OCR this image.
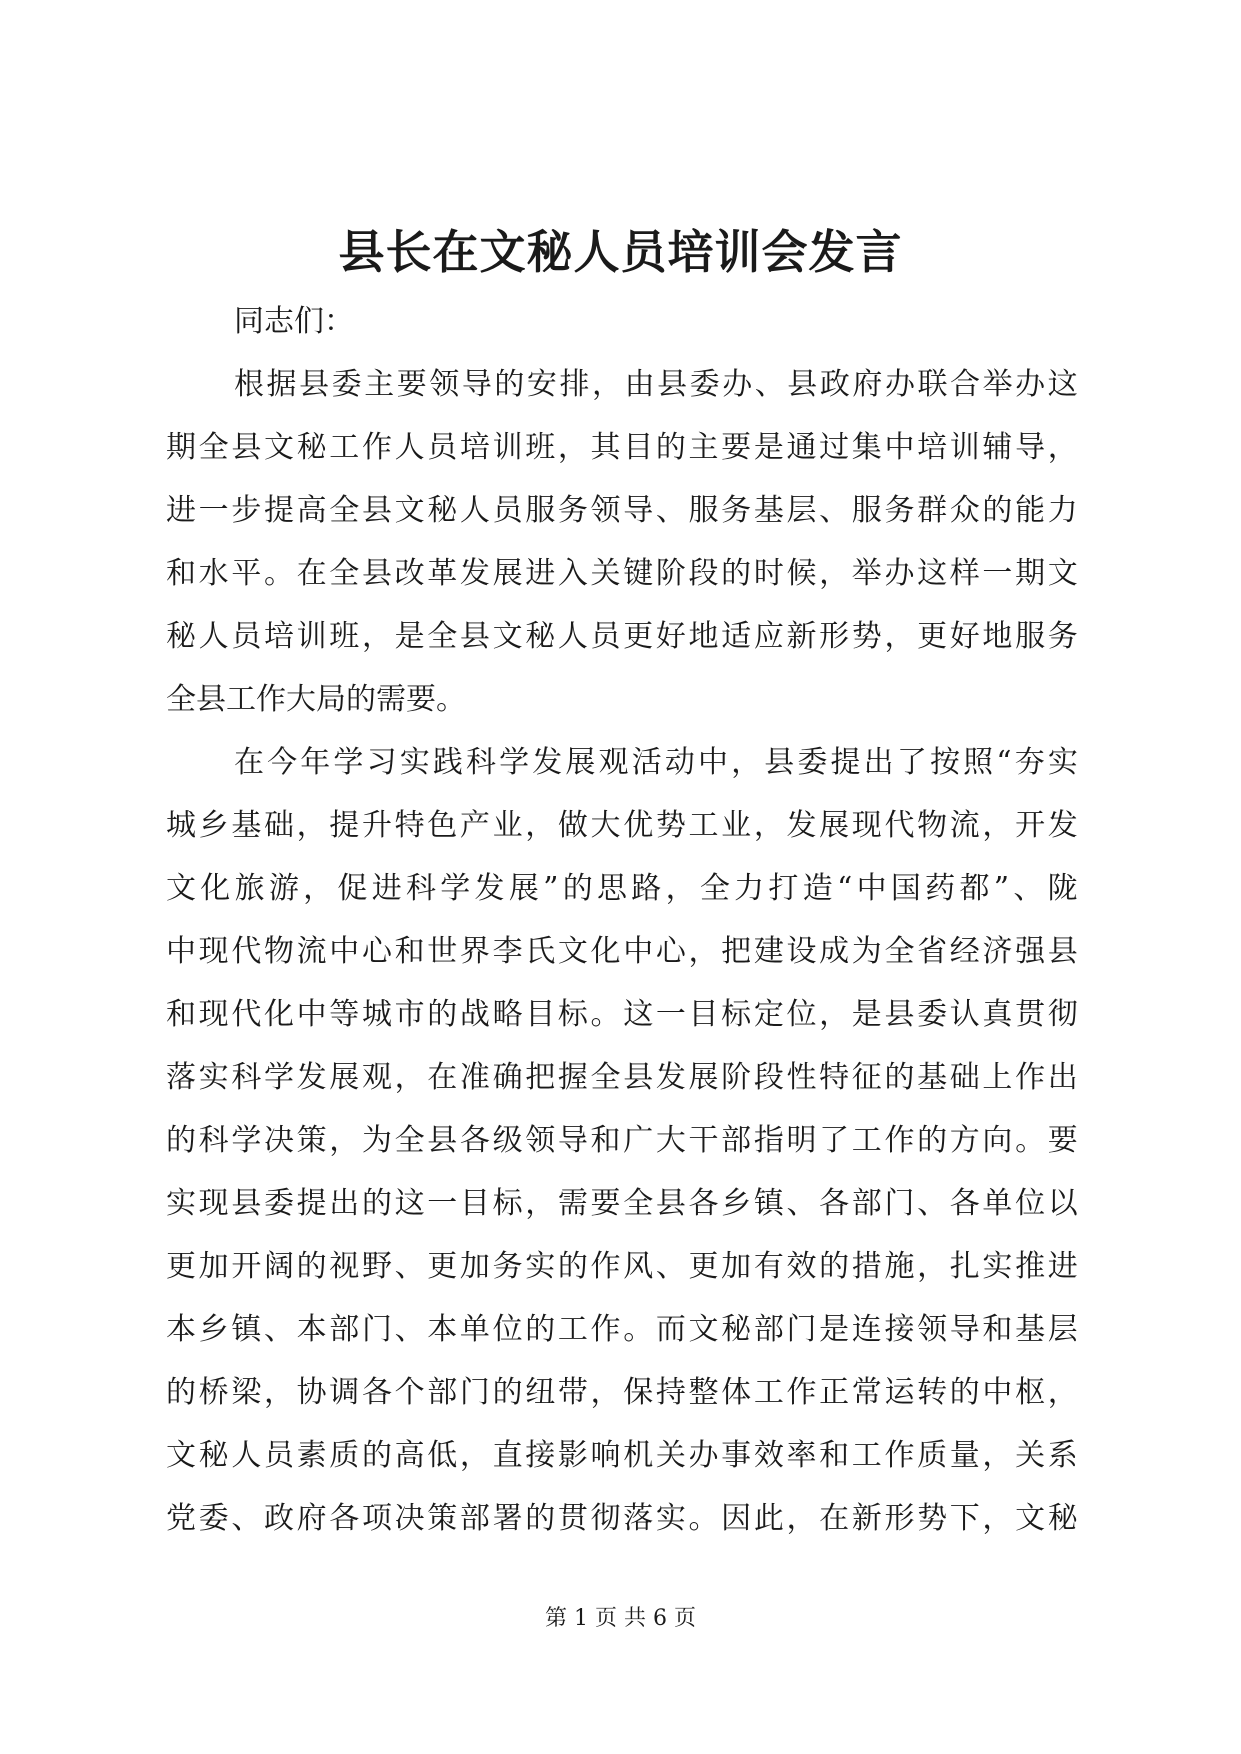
县长在文秘人员培训会发言
同志们：
根 据 县 委 主 要 领 导 的 安 排 ， 由 县 委 办 、 县 政 府 办 联 合 举 办 这
期 全 县 文 秘 工 作 人 员 培 训 班 ， 其 目 的 主 要 是 通 过 集 中 培 训 辅 导 ，
进 一 步 提 高 全 县 文 秘 人 员 服 务 领 导 、 服 务 基 层 、 服 务 群 众 的 能 力
和 水 平 。 在 全 县 改 革 发 展 进 入 关 键 阶 段 的 时 候 ， 举 办 这 样 一 期 文
秘 人 员 培 训 班 ， 是 全 县 文 秘 人 员 更 好 地 适 应 新 形 势 ， 更 好 地 服 务
全县工作大局的需要。
在 今 年 学 习 实 践 科 学 发 展 观 活 动 中 ， 县 委 提 出 了 按 照 “ 夯 实
城 乡 基 础 ， 提 升 特 色 产 业 ， 做 大 优 势 工 业 ， 发 展 现 代 物 流 ， 开 发
文 化 旅 游 ， 促 进 科 学 发 展 ” 的 思 路 ， 全 力 打 造 “ 中 国 药 都 ” 、 陇
中 现 代 物 流 中 心 和 世 界 李 氏 文 化 中 心 ， 把 建 设 成 为 全 省 经 济 强 县
和 现 代 化 中 等 城 市 的 战 略 目 标 。 这 一 目 标 定 位 ， 是 县 委 认 真 贯 彻
落 实 科 学 发 展 观 ， 在 准 确 把 握 全 县 发 展 阶 段 性 特 征 的 基 础 上 作 出
的 科 学 决 策 ， 为 全 县 各 级 领 导 和 广 大 干 部 指 明 了 工 作 的 方 向 。 要
实 现 县 委 提 出 的 这 一 目 标 ， 需 要 全 县 各 乡 镇 、 各 部 门 、 各 单 位 以
更 加 开 阔 的 视 野 、 更 加 务 实 的 作 风 、 更 加 有 效 的 措 施 ， 扎 实 推 进
本 乡 镇 、 本 部 门 、 本 单 位 的 工 作 。 而 文 秘 部 门 是 连 接 领 导 和 基 层
的 桥 梁 ， 协 调 各 个 部 门 的 纽 带 ， 保 持 整 体 工 作 正 常 运 转 的 中 枢 ，
文 秘 人 员 素 质 的 高 低 ， 直 接 影 响 机 关 办 事 效 率 和 工 作 质 量 ， 关 系
党 委 、 政 府 各 项 决 策 部 署 的 贯 彻 落 实 。 因 此 ， 在 新 形 势 下 ， 文 秘
第 1 页 共 6 页
